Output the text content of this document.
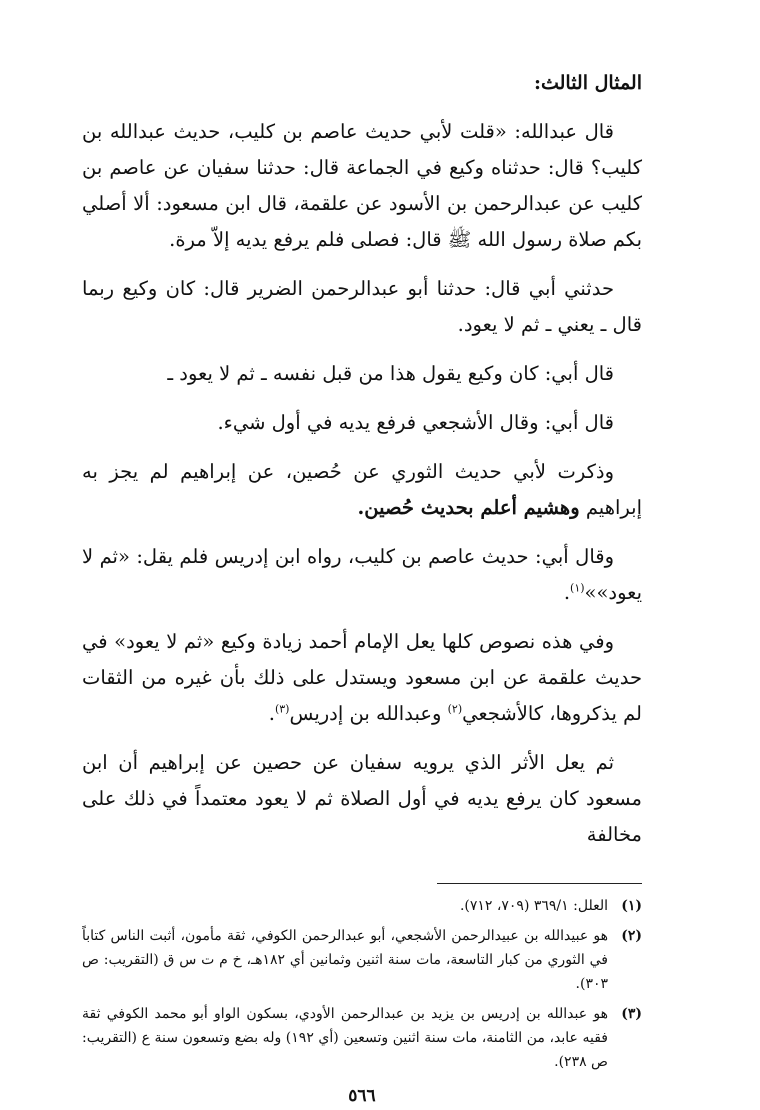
المثال الثالث:

قال عبدالله: «قلت لأبي حديث عاصم بن كليب، حديث عبدالله بن كليب؟ قال: حدثناه وكيع في الجماعة قال: حدثنا سفيان عن عاصم بن كليب عن عبدالرحمن بن الأسود عن علقمة، قال ابن مسعود: ألا أصلي بكم صلاة رسول الله ﷺ قال: فصلى فلم يرفع يديه إلاّ مرة.

حدثني أبي قال: حدثنا أبو عبدالرحمن الضرير قال: كان وكيع ربما قال ـ يعني ـ ثم لا يعود.

قال أبي: كان وكيع يقول هذا من قبل نفسه ـ ثم لا يعود ـ

قال أبي: وقال الأشجعي فرفع يديه في أول شيء.

وذكرت لأبي حديث الثوري عن حُصين، عن إبراهيم لم يجز به إبراهيم وهشيم أعلم بحديث حُصين.

وقال أبي: حديث عاصم بن كليب، رواه ابن إدريس فلم يقل: «ثم لا يعود»»$^{(١)}$.

وفي هذه نصوص كلها يعل الإمام أحمد زيادة وكيع «ثم لا يعود» في حديث علقمة عن ابن مسعود ويستدل على ذلك بأن غيره من الثقات لم يذكروها، كالأشجعي$^{(٢)}$ وعبدالله بن إدريس$^{(٣)}$.

ثم يعل الأثر الذي يرويه سفيان عن حصين عن إبراهيم أن ابن مسعود كان يرفع يديه في أول الصلاة ثم لا يعود معتمداً في ذلك على مخالفة

(١)
العلل: ٣٦٩/١ (٧٠٩، ٧١٢).
(٢)
هو عبيدالله بن عبيدالرحمن الأشجعي، أبو عبدالرحمن الكوفي، ثقة مأمون، أثبت الناس كتاباً في الثوري من كبار التاسعة، مات سنة اثنين وثمانين أي ١٨٢هـ، خ م ت س ق (التقريب: ص ٣٠٣).
(٣)
هو عبدالله بن إدريس بن يزيد بن عبدالرحمن الأودي، بسكون الواو أبو محمد الكوفي ثقة فقيه عابد، من الثامنة، مات سنة اثنين وتسعين (أي ١٩٢) وله بضع وتسعون سنة ع (التقريب: ص ٢٣٨).
٥٦٦
